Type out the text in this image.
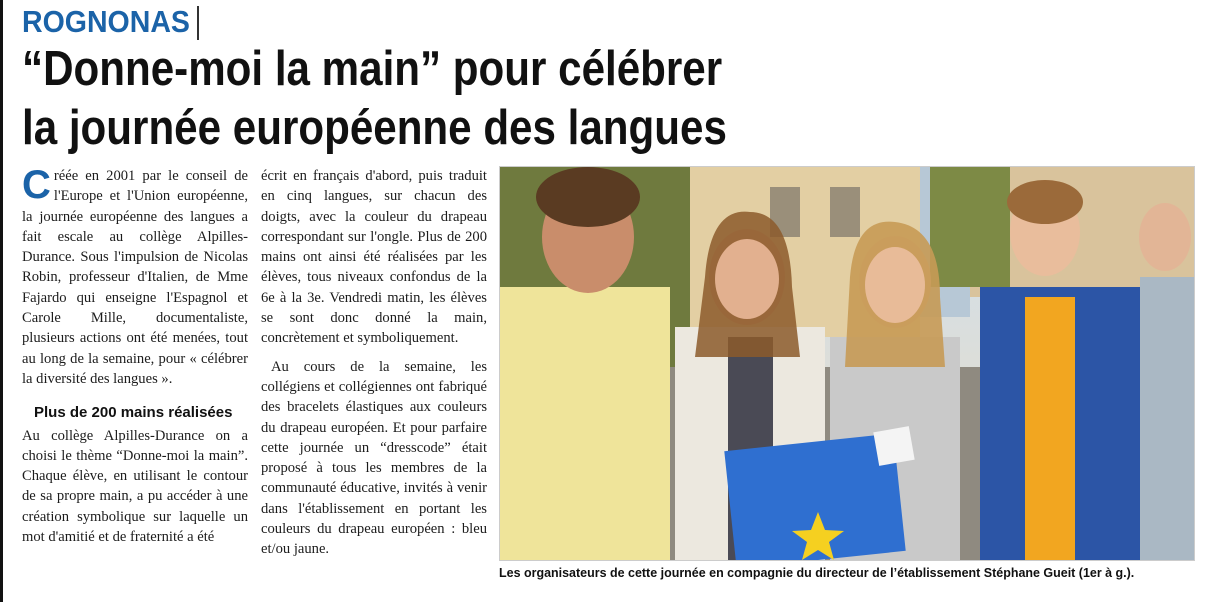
ROGNONAS
“Donne-moi la main” pour célébrer
la journée européenne des langues

Créée en 2001 par le conseil de l'Europe et l'Union européenne, la journée européenne des langues a fait escale au collège Alpilles-Durance. Sous l'impulsion de Nicolas Robin, professeur d'Italien, de Mme Fajardo qui enseigne l'Espagnol et Carole Mille, documentaliste, plusieurs actions ont été menées, tout au long de la semaine, pour « célébrer la diversité des langues ».

Plus de 200 mains réalisées

Au collège Alpilles-Durance on a choisi le thème “Donne-moi la main”. Chaque élève, en utilisant le contour de sa propre main, a pu accéder à une création symbolique sur laquelle un mot d'amitié et de fraternité a été

écrit en français d'abord, puis traduit en cinq langues, sur chacun des doigts, avec la couleur du drapeau correspondant sur l'ongle. Plus de 200 mains ont ainsi été réalisées par les élèves, tous niveaux confondus de la 6e à la 3e. Vendredi matin, les élèves se sont donc donné la main, concrètement et symboliquement.

Au cours de la semaine, les collégiens et collégiennes ont fabriqué des bracelets élastiques aux couleurs du drapeau européen. Et pour parfaire cette journée un “dresscode” était proposé à tous les membres de la communauté éducative, invités à venir dans l'établissement en portant les couleurs du drapeau européen : bleu et/ou jaune.

Les organisateurs de cette journée en compagnie du directeur de l’établissement Stéphane Gueit (1er à g.).
